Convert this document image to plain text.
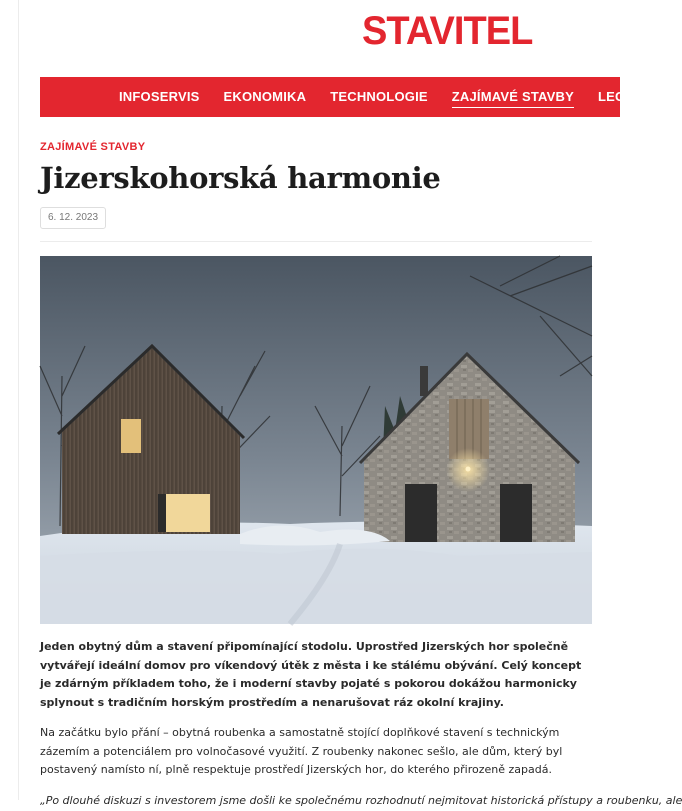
STAVITEL
INFOSERVIS EKONOMIKA TECHNOLOGIE ZAJÍMAVÉ STAVBY LEGISLA
ZAJÍMAVÉ STAVBY
Jizerskohorská harmonie
6. 12. 2023

Jeden obytný dům a stavení připomínající stodolu. Uprostřed Jizerských hor společně vytvářejí ideální domov pro víkendový útěk z města i ke stálému obývání. Celý koncept je zdárným příkladem toho, že i moderní stavby pojaté s pokorou dokážou harmonicky splynout s tradičním horským prostředím a nenarušovat ráz okolní krajiny.

Na začátku bylo přání – obytná roubenka a samostatně stojící doplňkové stavení s technickým zázemím a potenciálem pro volnočasové využití. Z roubenky nakonec sešlo, ale dům, který byl postavený namísto ní, plně respektuje prostředí Jizerských hor, do kterého přirozeně zapadá.

„Po dlouhé diskuzi s investorem jsme došli ke společnému rozhodnutí nejmitovat historická přístupy a roubenku, ale
